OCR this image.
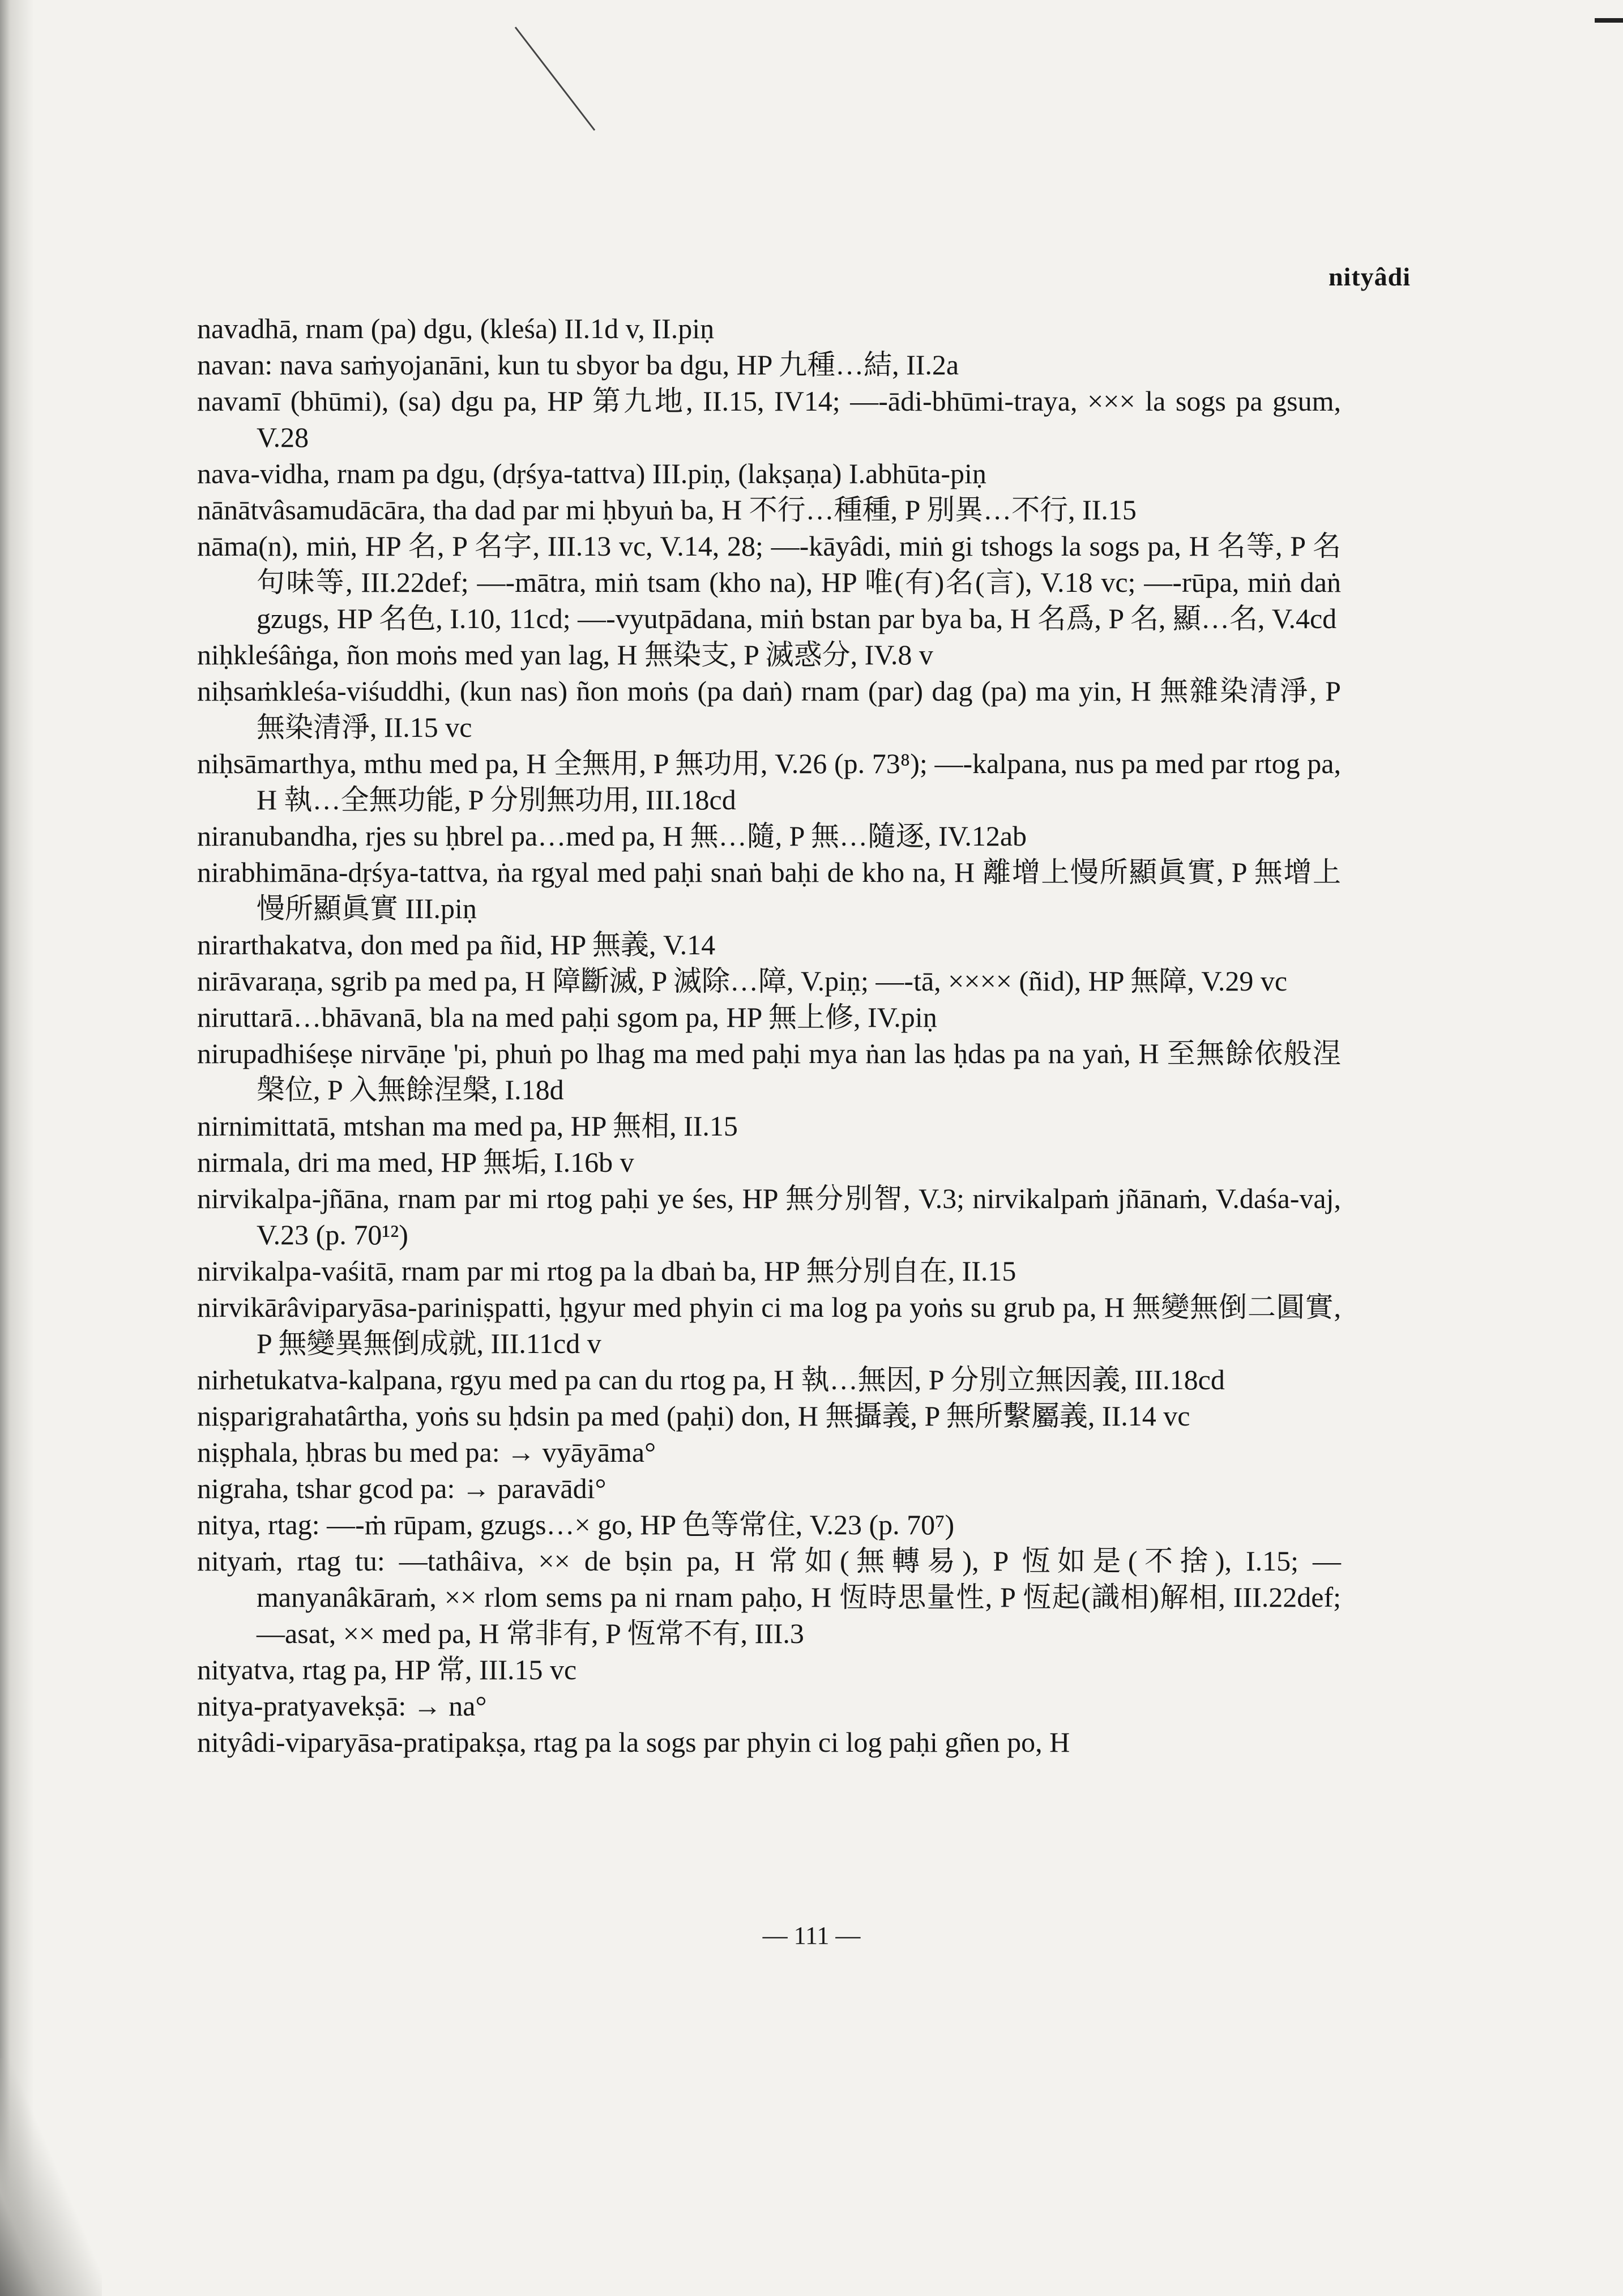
nityâdi
navadhā, rnam (pa) dgu, (kleśa) II.1d v, II.piṇ
navan: nava saṁyojanāni, kun tu sbyor ba dgu, HP 九種…結, II.2a
navamī (bhūmi), (sa) dgu pa, HP 第九地, II.15, IV14; —-ādi-bhūmi-traya, ××× la sogs pa gsum, V.28
nava-vidha, rnam pa dgu, (dṛśya-tattva) III.piṇ, (lakṣaṇa) I.abhūta-piṇ
nānātvâsamudācāra, tha dad par mi ḥbyuṅ ba, H 不行…種種, P 別異…不行, II.15
nāma(n), miṅ, HP 名, P 名字, III.13 vc, V.14, 28; —-kāyâdi, miṅ gi tshogs la sogs pa, H 名等, P 名句味等, III.22def; —-mātra, miṅ tsam (kho na), HP 唯(有)名(言), V.18 vc; —-rūpa, miṅ daṅ gzugs, HP 名色, I.10, 11cd; —-vyutpādana, miṅ bstan par bya ba, H 名爲, P 名, 顯…名, V.4cd
niḥkleśâṅga, ñon moṅs med yan lag, H 無染支, P 滅惑分, IV.8 v
niḥsaṁkleśa-viśuddhi, (kun nas) ñon moṅs (pa daṅ) rnam (par) dag (pa) ma yin, H 無雜染清淨, P 無染清淨, II.15 vc
niḥsāmarthya, mthu med pa, H 全無用, P 無功用, V.26 (p. 73⁸); —-kalpana, nus pa med par rtog pa, H 執…全無功能, P 分別無功用, III.18cd
niranubandha, rjes su ḥbrel pa…med pa, H 無…隨, P 無…隨逐, IV.12ab
nirabhimāna-dṛśya-tattva, ṅa rgyal med paḥi snaṅ baḥi de kho na, H 離增上慢所顯眞實, P 無增上慢所顯眞實 III.piṇ
nirarthakatva, don med pa ñid, HP 無義, V.14
nirāvaraṇa, sgrib pa med pa, H 障斷滅, P 滅除…障, V.piṇ; —-tā, ×××× (ñid), HP 無障, V.29 vc
niruttarā…bhāvanā, bla na med paḥi sgom pa, HP 無上修, IV.piṇ
nirupadhiśeṣe nirvāṇe 'pi, phuṅ po lhag ma med paḥi mya ṅan las ḥdas pa na yaṅ, H 至無餘依般涅槃位, P 入無餘涅槃, I.18d
nirnimittatā, mtshan ma med pa, HP 無相, II.15
nirmala, dri ma med, HP 無垢, I.16b v
nirvikalpa-jñāna, rnam par mi rtog paḥi ye śes, HP 無分別智, V.3; nirvikalpaṁ jñānaṁ, V.daśa-vaj, V.23 (p. 70¹²)
nirvikalpa-vaśitā, rnam par mi rtog pa la dbaṅ ba, HP 無分別自在, II.15
nirvikārâviparyāsa-pariniṣpatti, ḥgyur med phyin ci ma log pa yoṅs su grub pa, H 無變無倒二圓實, P 無變異無倒成就, III.11cd v
nirhetukatva-kalpana, rgyu med pa can du rtog pa, H 執…無因, P 分別立無因義, III.18cd
niṣparigrahatârtha, yoṅs su ḥdsin pa med (paḥi) don, H 無攝義, P 無所繫屬義, II.14 vc
niṣphala, ḥbras bu med pa: → vyāyāma°
nigraha, tshar gcod pa: → paravādi°
nitya, rtag: —-ṁ rūpam, gzugs…× go, HP 色等常住, V.23 (p. 70⁷)
nityaṁ, rtag tu: —tathâiva, ×× de bṣin pa, H 常如(無轉易), P 恆如是(不捨), I.15; —manyanâkāraṁ, ×× rlom sems pa ni rnam paḥo, H 恆時思量性, P 恆起(識相)解相, III.22def; —asat, ×× med pa, H 常非有, P 恆常不有, III.3
nityatva, rtag pa, HP 常, III.15 vc
nitya-pratyavekṣā: → na°
nityâdi-viparyāsa-pratipakṣa, rtag pa la sogs par phyin ci log paḥi gñen po, H
— 111 —
